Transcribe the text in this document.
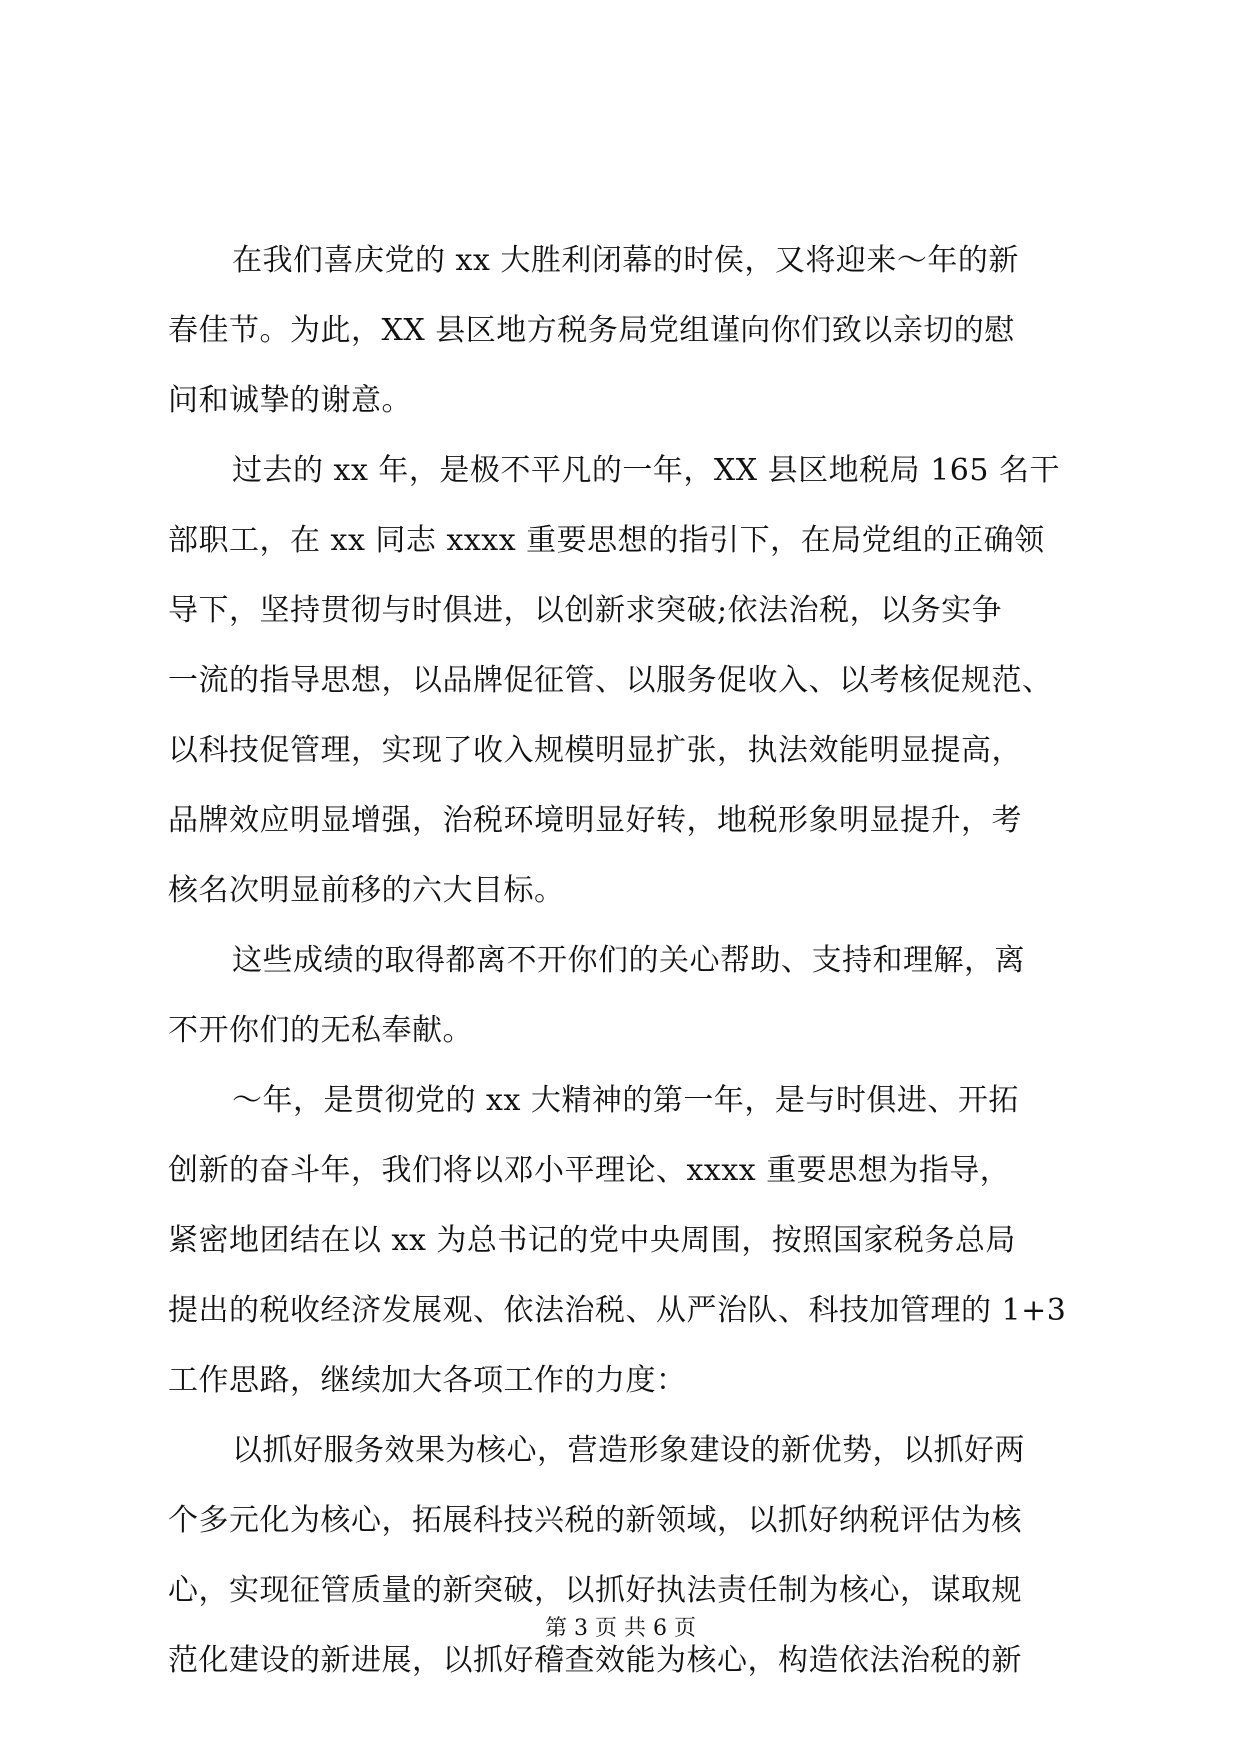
在我们喜庆党的 xx 大胜利闭幕的时侯，又将迎来～年的新
春佳节。为此，XX 县区地方税务局党组谨向你们致以亲切的慰
问和诚挚的谢意。
过去的 xx 年，是极不平凡的一年，XX 县区地税局 165 名干
部职工，在 xx 同志 xxxx 重要思想的指引下，在局党组的正确领
导下，坚持贯彻与时俱进，以创新求突破;依法治税，以务实争
一流的指导思想，以品牌促征管、以服务促收入、以考核促规范、
以科技促管理，实现了收入规模明显扩张，执法效能明显提高，
品牌效应明显增强，治税环境明显好转，地税形象明显提升，考
核名次明显前移的六大目标。
这些成绩的取得都离不开你们的关心帮助、支持和理解，离
不开你们的无私奉献。
～年，是贯彻党的 xx 大精神的第一年，是与时俱进、开拓
创新的奋斗年，我们将以邓小平理论、xxxx 重要思想为指导，
紧密地团结在以 xx 为总书记的党中央周围，按照国家税务总局
提出的税收经济发展观、依法治税、从严治队、科技加管理的 1+3
工作思路，继续加大各项工作的力度：
以抓好服务效果为核心，营造形象建设的新优势，以抓好两
个多元化为核心，拓展科技兴税的新领域，以抓好纳税评估为核
心，实现征管质量的新突破，以抓好执法责任制为核心，谋取规
范化建设的新进展，以抓好稽查效能为核心，构造依法治税的新
第 3 页 共 6 页
